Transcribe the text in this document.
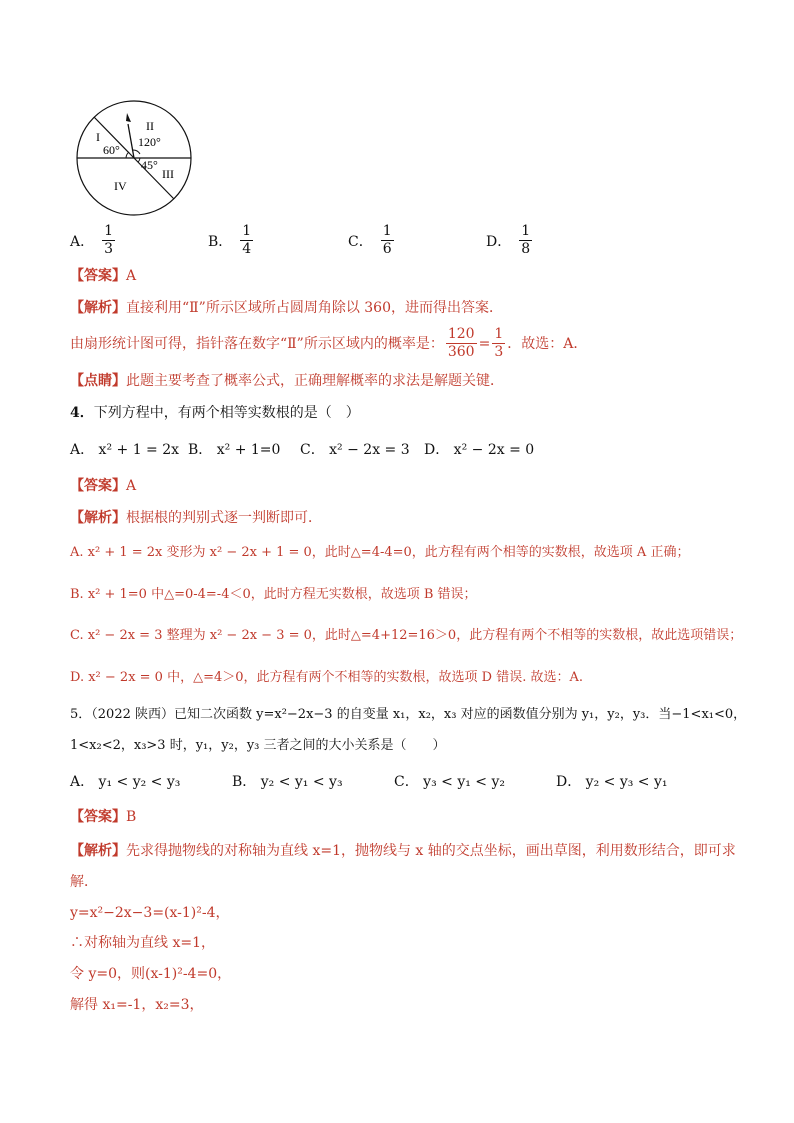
I
II
III
IV
60°
120°
45°
A． $\frac{1}{3}$	B． $\frac{1}{4}$	C． $\frac{1}{6}$	D． $\frac{1}{8}$
【答案】A
【解析】直接利用“Ⅱ”所示区域所占圆周角除以 360，进而得出答案．
由扇形统计图可得，指针落在数字“Ⅱ”所示区域内的概率是： $\frac{120}{360} = \frac{1}{3}$ ．故选：A．
【点睛】此题主要考查了概率公式，正确理解概率的求法是解题关键．
4．下列方程中，有两个相等实数根的是（　）
A． x² + 1 = 2x B． x² + 1=0 C． x² − 2x = 3 D． x² − 2x = 0
【答案】A
【解析】根据根的判别式逐一判断即可．
A. x² + 1 = 2x 变形为 x² − 2x + 1 = 0，此时△=4-4=0，此方程有两个相等的实数根，故选项 A 正确；
B. x² + 1=0 中△=0-4=-4＜0，此时方程无实数根，故选项 B 错误；
C. x² − 2x = 3 整理为 x² − 2x − 3 = 0，此时△=4+12=16＞0，此方程有两个不相等的实数根，故此选项错误；
D. x² − 2x = 0 中，△=4＞0，此方程有两个不相等的实数根，故选项 D 错误. 故选：A.
5．（2022 陕西）已知二次函数 y=x²−2x−3 的自变量 x₁，x₂，x₃ 对应的函数值分别为 y₁，y₂，y₃．当−1<x₁<0，
1<x₂<2，x₃>3 时，y₁，y₂，y₃ 三者之间的大小关系是（　　）
A． y₁ < y₂ < y₃	B． y₂ < y₁ < y₃	C． y₃ < y₁ < y₂	D． y₂ < y₃ < y₁
【答案】B
【解析】先求得抛物线的对称轴为直线 x=1，抛物线与 x 轴的交点坐标，画出草图，利用数形结合，即可求
解．
y=x²−2x−3=(x-1)²-4，
∴对称轴为直线 x=1，
令 y=0，则(x-1)²-4=0，
解得 x₁=-1，x₂=3，
